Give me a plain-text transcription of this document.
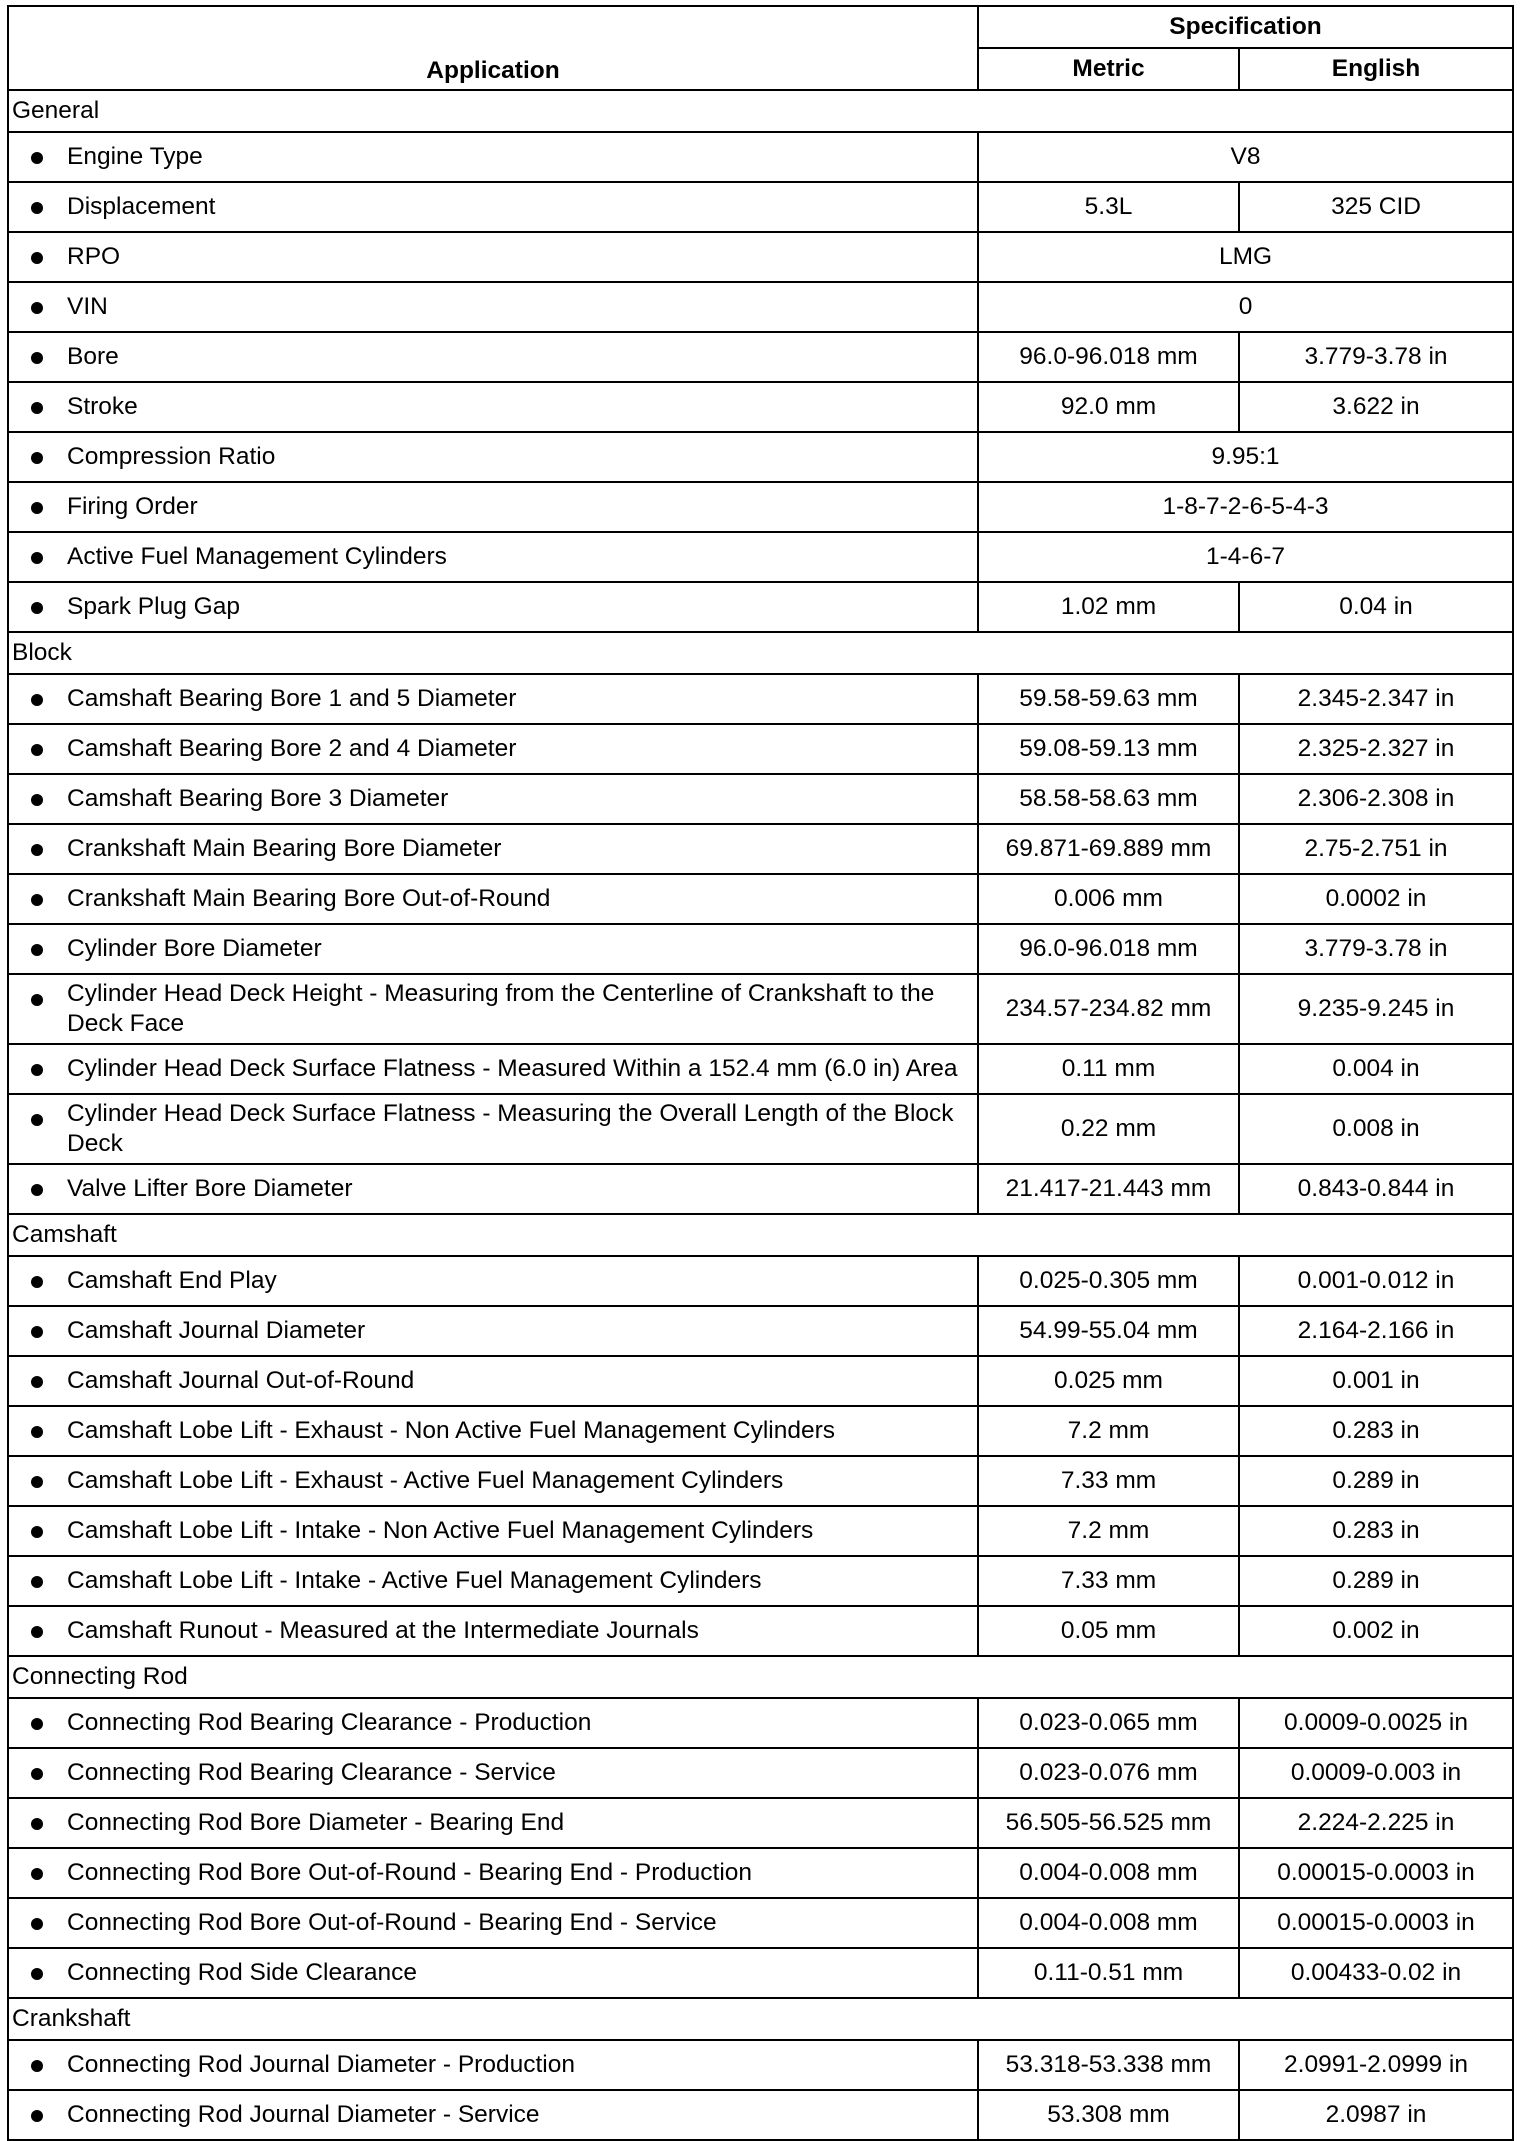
Application	Specification	
	Metric	English
General		

Engine Type	V8	

Displacement	5.3L	325 CID

RPO	LMG	

VIN	0	

Bore	96.0-96.018 mm	3.779-3.78 in

Stroke	92.0 mm	3.622 in

Compression Ratio	9.95:1	

Firing Order	1-8-7-2-6-5-4-3	

Active Fuel Management Cylinders	1-4-6-7	

Spark Plug Gap	1.02 mm	0.04 in
Block		

Camshaft Bearing Bore 1 and 5 Diameter	59.58-59.63 mm	2.345-2.347 in

Camshaft Bearing Bore 2 and 4 Diameter	59.08-59.13 mm	2.325-2.327 in

Camshaft Bearing Bore 3 Diameter	58.58-58.63 mm	2.306-2.308 in

Crankshaft Main Bearing Bore Diameter	69.871-69.889 mm	2.75-2.751 in

Crankshaft Main Bearing Bore Out-of-Round	0.006 mm	0.0002 in

Cylinder Bore Diameter	96.0-96.018 mm	3.779-3.78 in

Cylinder Head Deck Height - Measuring from the Centerline of Crankshaft to the Deck Face	234.57-234.82 mm	9.235-9.245 in

Cylinder Head Deck Surface Flatness - Measured Within a 152.4 mm (6.0 in) Area	0.11 mm	0.004 in

Cylinder Head Deck Surface Flatness - Measuring the Overall Length of the Block Deck	0.22 mm	0.008 in

Valve Lifter Bore Diameter	21.417-21.443 mm	0.843-0.844 in
Camshaft		

Camshaft End Play	0.025-0.305 mm	0.001-0.012 in

Camshaft Journal Diameter	54.99-55.04 mm	2.164-2.166 in

Camshaft Journal Out-of-Round	0.025 mm	0.001 in

Camshaft Lobe Lift - Exhaust - Non Active Fuel Management Cylinders	7.2 mm	0.283 in

Camshaft Lobe Lift - Exhaust - Active Fuel Management Cylinders	7.33 mm	0.289 in

Camshaft Lobe Lift - Intake - Non Active Fuel Management Cylinders	7.2 mm	0.283 in

Camshaft Lobe Lift - Intake - Active Fuel Management Cylinders	7.33 mm	0.289 in

Camshaft Runout - Measured at the Intermediate Journals	0.05 mm	0.002 in
Connecting Rod		

Connecting Rod Bearing Clearance - Production	0.023-0.065 mm	0.0009-0.0025 in

Connecting Rod Bearing Clearance - Service	0.023-0.076 mm	0.0009-0.003 in

Connecting Rod Bore Diameter - Bearing End	56.505-56.525 mm	2.224-2.225 in

Connecting Rod Bore Out-of-Round - Bearing End - Production	0.004-0.008 mm	0.00015-0.0003 in

Connecting Rod Bore Out-of-Round - Bearing End - Service	0.004-0.008 mm	0.00015-0.0003 in

Connecting Rod Side Clearance	0.11-0.51 mm	0.00433-0.02 in
Crankshaft		

Connecting Rod Journal Diameter - Production	53.318-53.338 mm	2.0991-2.0999 in

Connecting Rod Journal Diameter - Service	53.308 mm	2.0987 in
